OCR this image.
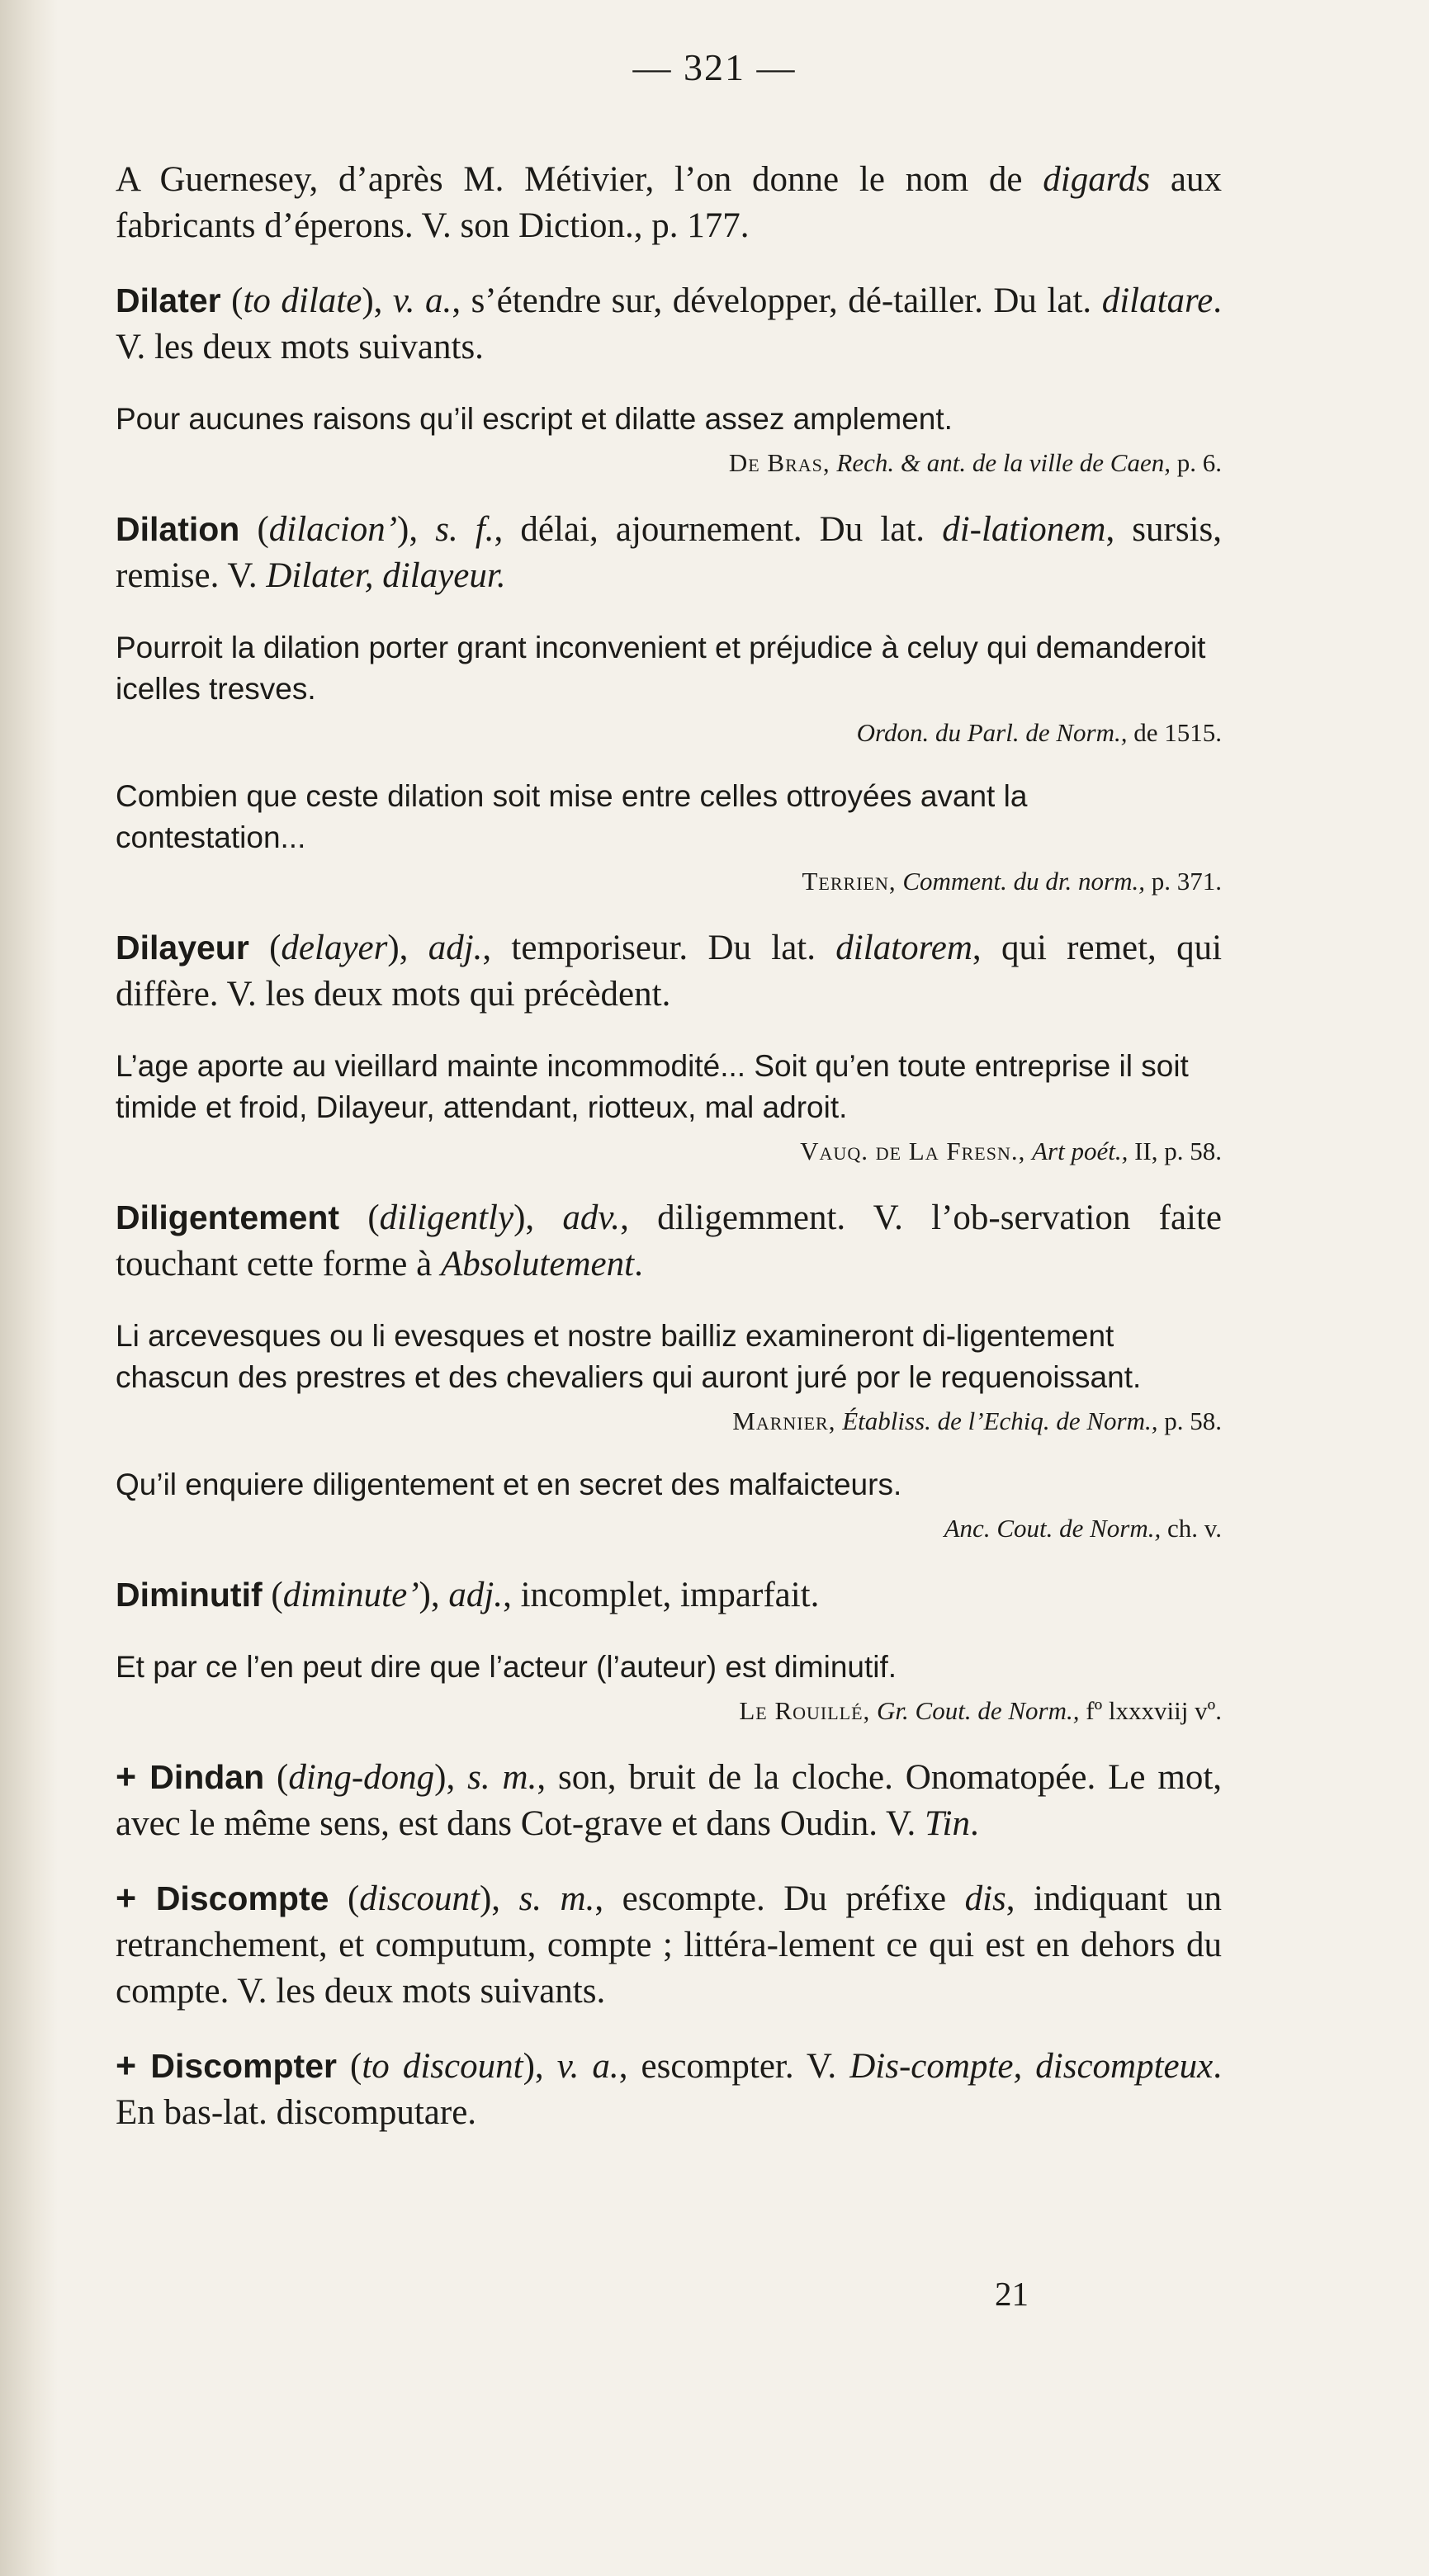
— 321 —

A Guernesey, d’après M. Métivier, l’on donne le nom de digards aux fabricants d’éperons. V. son Diction., p. 177.

Dilater (to dilate), v. a., s’étendre sur, développer, dé-tailler. Du lat. dilatare. V. les deux mots suivants.

Pour aucunes raisons qu’il escript et dilatte assez amplement.

De Bras, Rech. & ant. de la ville de Caen, p. 6.

Dilation (dilacion’), s. f., délai, ajournement. Du lat. di-lationem, sursis, remise. V. Dilater, dilayeur.

Pourroit la dilation porter grant inconvenient et préjudice à celuy qui demanderoit icelles tresves.

Ordon. du Parl. de Norm., de 1515.

Combien que ceste dilation soit mise entre celles ottroyées avant la contestation...

Terrien, Comment. du dr. norm., p. 371.

Dilayeur (delayer), adj., temporiseur. Du lat. dilatorem, qui remet, qui diffère. V. les deux mots qui précèdent.

L’age aporte au vieillard mainte incommodité... Soit qu’en toute entreprise il soit timide et froid, Dilayeur, attendant, riotteux, mal adroit.

Vauq. de La Fresn., Art poét., II, p. 58.

Diligentement (diligently), adv., diligemment. V. l’ob-servation faite touchant cette forme à Absolutement.

Li arcevesques ou li evesques et nostre bailliz examineront di-ligentement chascun des prestres et des chevaliers qui auront juré por le requenoissant.

Marnier, Établiss. de l’Echiq. de Norm., p. 58.

Qu’il enquiere diligentement et en secret des malfaicteurs.

Anc. Cout. de Norm., ch. v.

Diminutif (diminute’), adj., incomplet, imparfait.

Et par ce l’en peut dire que l’acteur (l’auteur) est diminutif.

Le Rouillé, Gr. Cout. de Norm., fº lxxxviij vº.

+ Dindan (ding-dong), s. m., son, bruit de la cloche. Onomatopée. Le mot, avec le même sens, est dans Cot-grave et dans Oudin. V. Tin.

+ Discompte (discount), s. m., escompte. Du préfixe dis, indiquant un retranchement, et computum, compte ; littéra-lement ce qui est en dehors du compte. V. les deux mots suivants.

+ Discompter (to discount), v. a., escompter. V. Dis-compte, discompteux. En bas-lat. discomputare.

21
